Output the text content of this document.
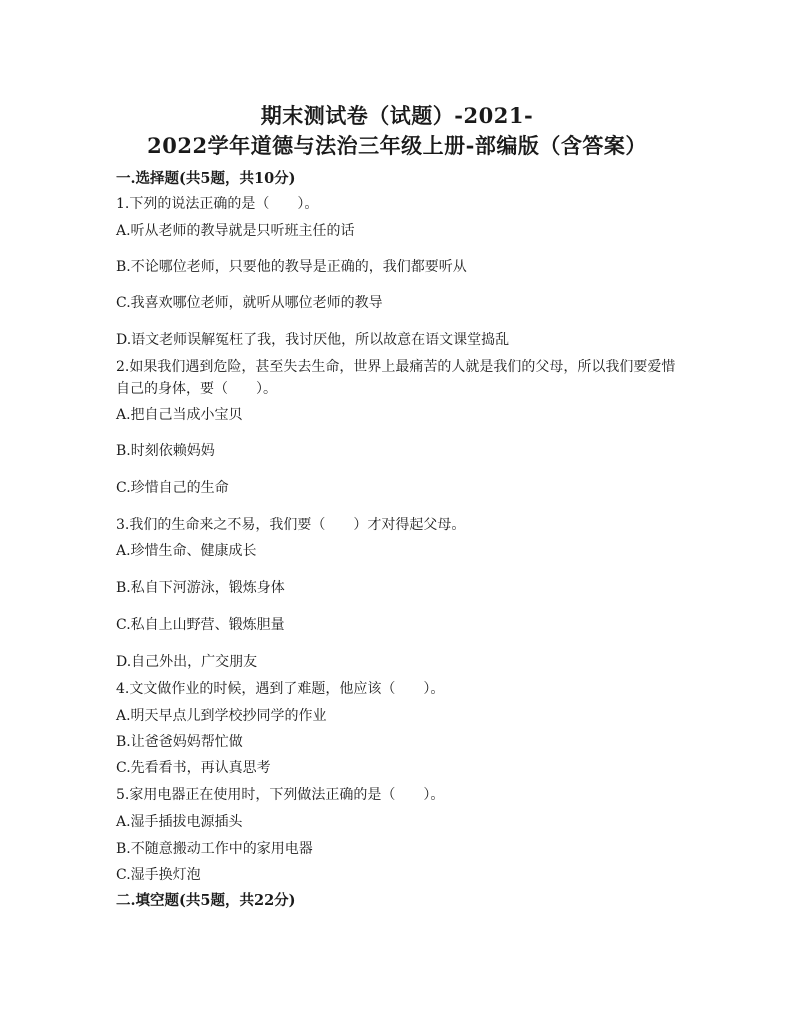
期末测试卷（试题）-2021-
2022学年道德与法治三年级上册-部编版（含答案）
一.选择题(共5题，共10分)
1.下列的说法正确的是（　　）。
A.听从老师的教导就是只听班主任的话
B.不论哪位老师，只要他的教导是正确的，我们都要听从
C.我喜欢哪位老师，就听从哪位老师的教导
D.语文老师误解冤枉了我，我讨厌他，所以故意在语文课堂捣乱
2.如果我们遇到危险，甚至失去生命，世界上最痛苦的人就是我们的父母，所以我们要爱惜自己的身体，要（　　）。
A.把自己当成小宝贝
B.时刻依赖妈妈
C.珍惜自己的生命
3.我们的生命来之不易，我们要（　　）才对得起父母。
A.珍惜生命、健康成长
B.私自下河游泳，锻炼身体
C.私自上山野营、锻炼胆量
D.自己外出，广交朋友
4.文文做作业的时候，遇到了难题，他应该（　　）。
A.明天早点儿到学校抄同学的作业
B.让爸爸妈妈帮忙做
C.先看看书，再认真思考
5.家用电器正在使用时，下列做法正确的是（　　）。
A.湿手插拔电源插头
B.不随意搬动工作中的家用电器
C.湿手换灯泡
二.填空题(共5题，共22分)
